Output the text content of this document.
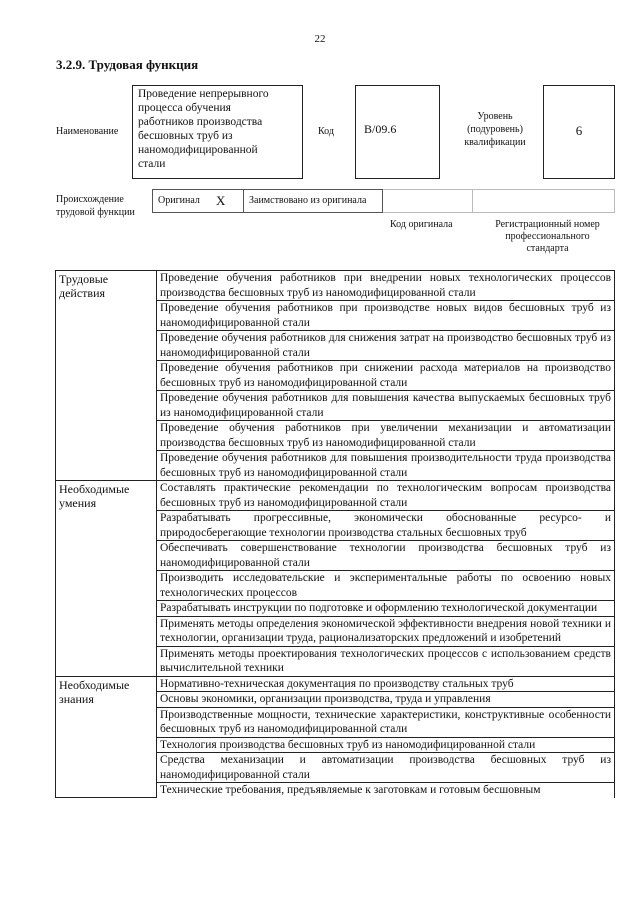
22
3.2.9. Трудовая функция
Наименование
Проведение непрерывного
процесса обучения
работников производства
бесшовных труб из
наномодифицированной
стали
Код	B/09.6
Уровень
(подуровень)
квалификации
6
Происхождение
трудовой функции
Оригинал	X	Заимствовано из оригинала
Код оригинала	Регистрационный номер
профессионального
стандарта
Трудовые действия	Проведение обучения работников при внедрении новых технологических процессов производства бесшовных труб из наномодифицированной стали
	Проведение обучения работников при производстве новых видов бесшовных труб из наномодифицированной стали
	Проведение обучения работников для снижения затрат на производство бесшовных труб из наномодифицированной стали
	Проведение обучения работников при снижении расхода материалов на производство бесшовных труб из наномодифицированной стали
	Проведение обучения работников для повышения качества выпускаемых бесшовных труб из наномодифицированной стали
	Проведение обучения работников при увеличении механизации и автоматизации производства бесшовных труб из наномодифицированной стали
	Проведение обучения работников для повышения производительности труда производства бесшовных труб из наномодифицированной стали
Необходимые умения	Составлять практические рекомендации по технологическим вопросам производства бесшовных труб из наномодифицированной стали
	Разрабатывать прогрессивные, экономически обоснованные ресурсо- и природосберегающие технологии производства стальных бесшовных труб
	Обеспечивать совершенствование технологии производства бесшовных труб из наномодифицированной стали
	Производить исследовательские и экспериментальные работы по освоению новых технологических процессов
	Разрабатывать инструкции по подготовке и оформлению технологической документации
	Применять методы определения экономической эффективности внедрения новой техники и технологии, организации труда, рационализаторских предложений и изобретений
	Применять методы проектирования технологических процессов с использованием средств вычислительной техники
Необходимые знания	Нормативно-техническая документация по производству стальных труб
	Основы экономики, организации производства, труда и управления
	Производственные мощности, технические характеристики, конструктивные особенности бесшовных труб из наномодифицированной стали
	Технология производства бесшовных труб из наномодифицированной стали
	Средства механизации и автоматизации производства бесшовных труб из наномодифицированной стали
	Технические требования, предъявляемые к заготовкам и готовым бесшовным
